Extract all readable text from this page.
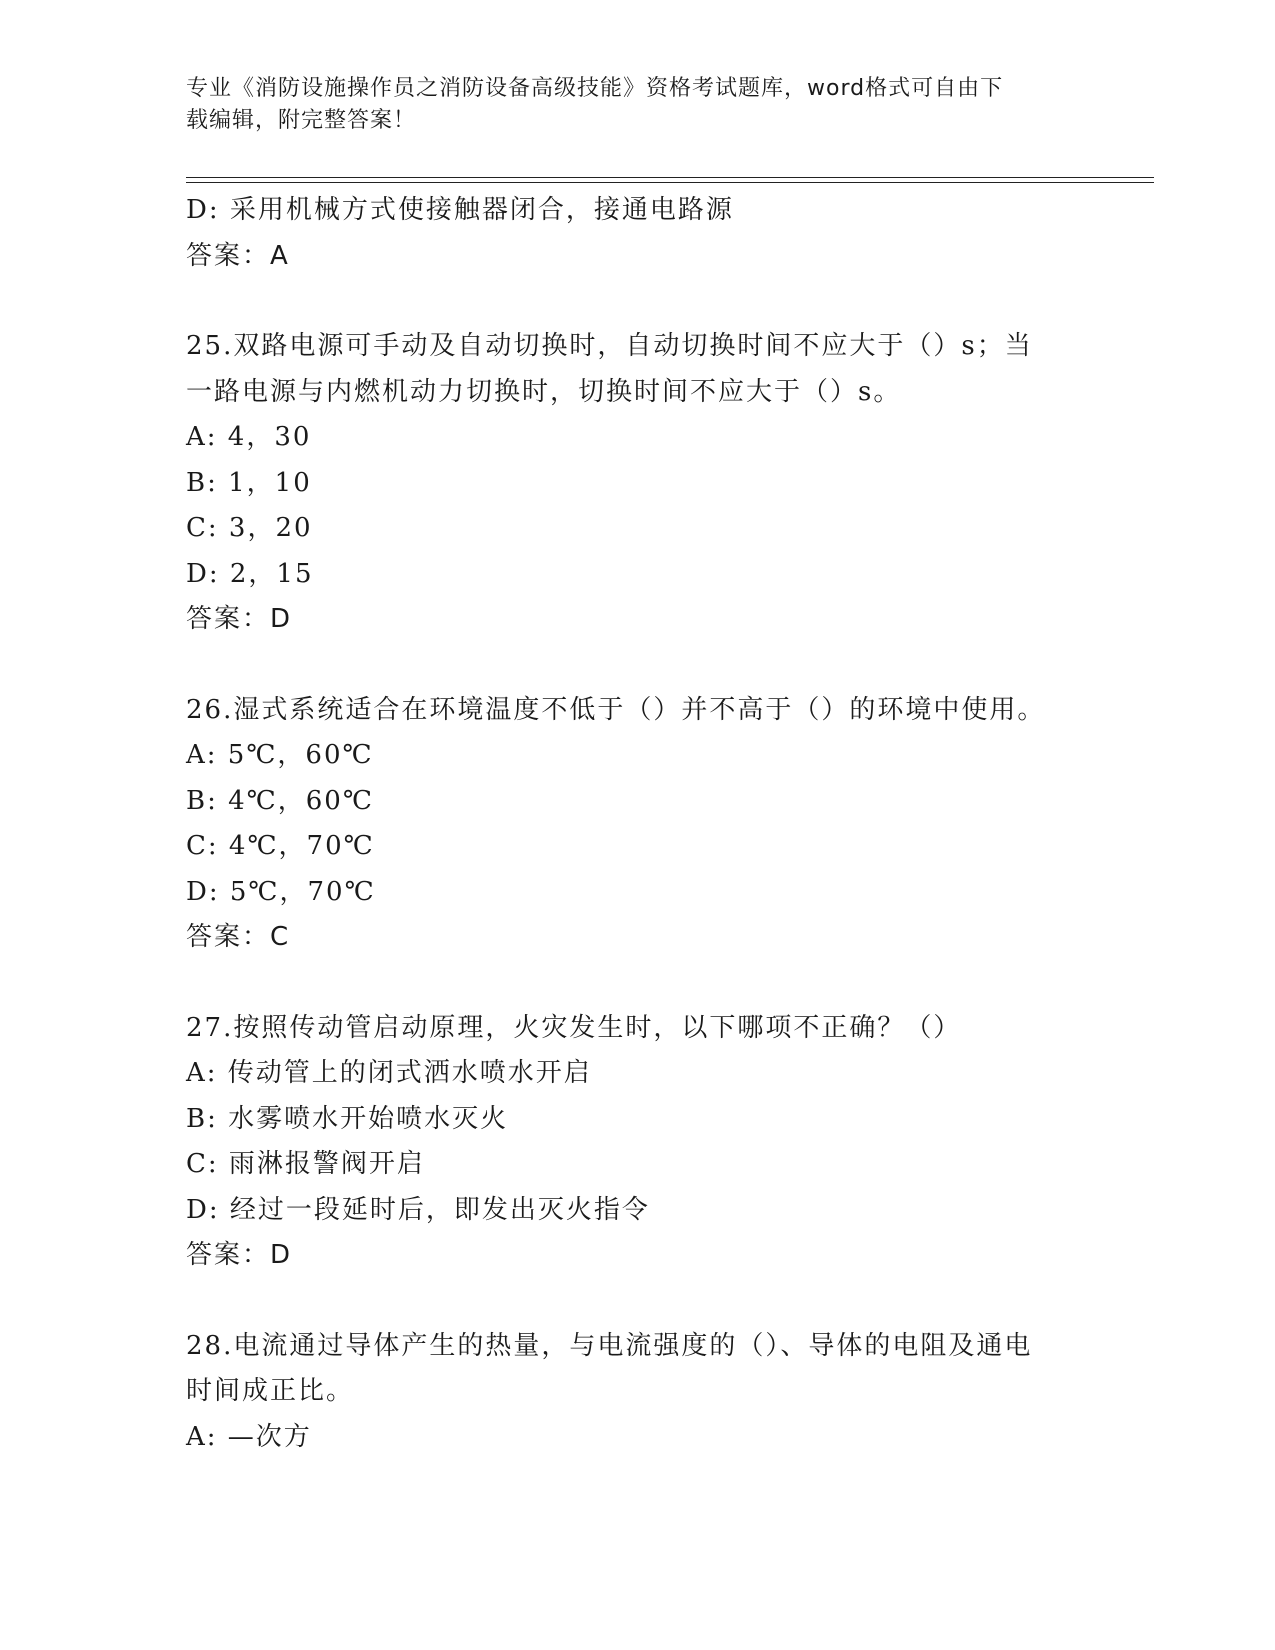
专业《消防设施操作员之消防设备高级技能》资格考试题库，word格式可自由下
载编辑，附完整答案！
D: 采用机械方式使接触器闭合，接通电路源
答案：A
25.双路电源可手动及自动切换时，自动切换时间不应大于（）s；当
一路电源与内燃机动力切换时，切换时间不应大于（）s。
A: 4，30
B: 1，10
C: 3，20
D: 2，15
答案：D
26.湿式系统适合在环境温度不低于（）并不高于（）的环境中使用。
A: 5℃，60℃
B: 4℃，60℃
C: 4℃，70℃
D: 5℃，70℃
答案：C
27.按照传动管启动原理，火灾发生时，以下哪项不正确？（）
A: 传动管上的闭式洒水喷水开启
B: 水雾喷水开始喷水灭火
C: 雨淋报警阀开启
D: 经过一段延时后，即发出灭火指令
答案：D
28.电流通过导体产生的热量，与电流强度的（）、导体的电阻及通电
时间成正比。
A: —次方
